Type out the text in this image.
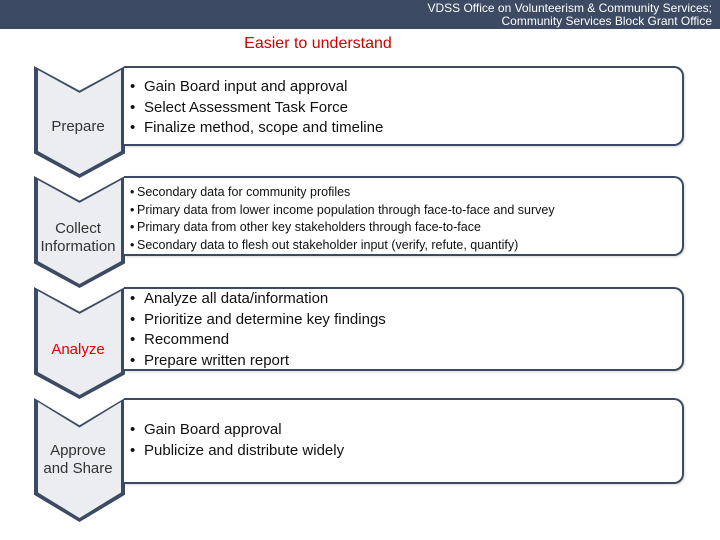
VDSS Office on Volunteerism & Community Services;
Community Services Block Grant Office
Easier to understand
• Gain Board input and approval
• Select Assessment Task Force
• Finalize method, scope and timeline
Prepare
• Secondary data for community profiles
• Primary data from lower income population through face-to-face and survey
• Primary data from other key stakeholders through face-to-face
• Secondary data to flesh out stakeholder input (verify, refute, quantify)
Collect
Information
• Analyze all data/information
• Prioritize and determine key findings
• Recommend
• Prepare written report
Analyze
• Gain Board approval
• Publicize and distribute widely
Approve
and Share
